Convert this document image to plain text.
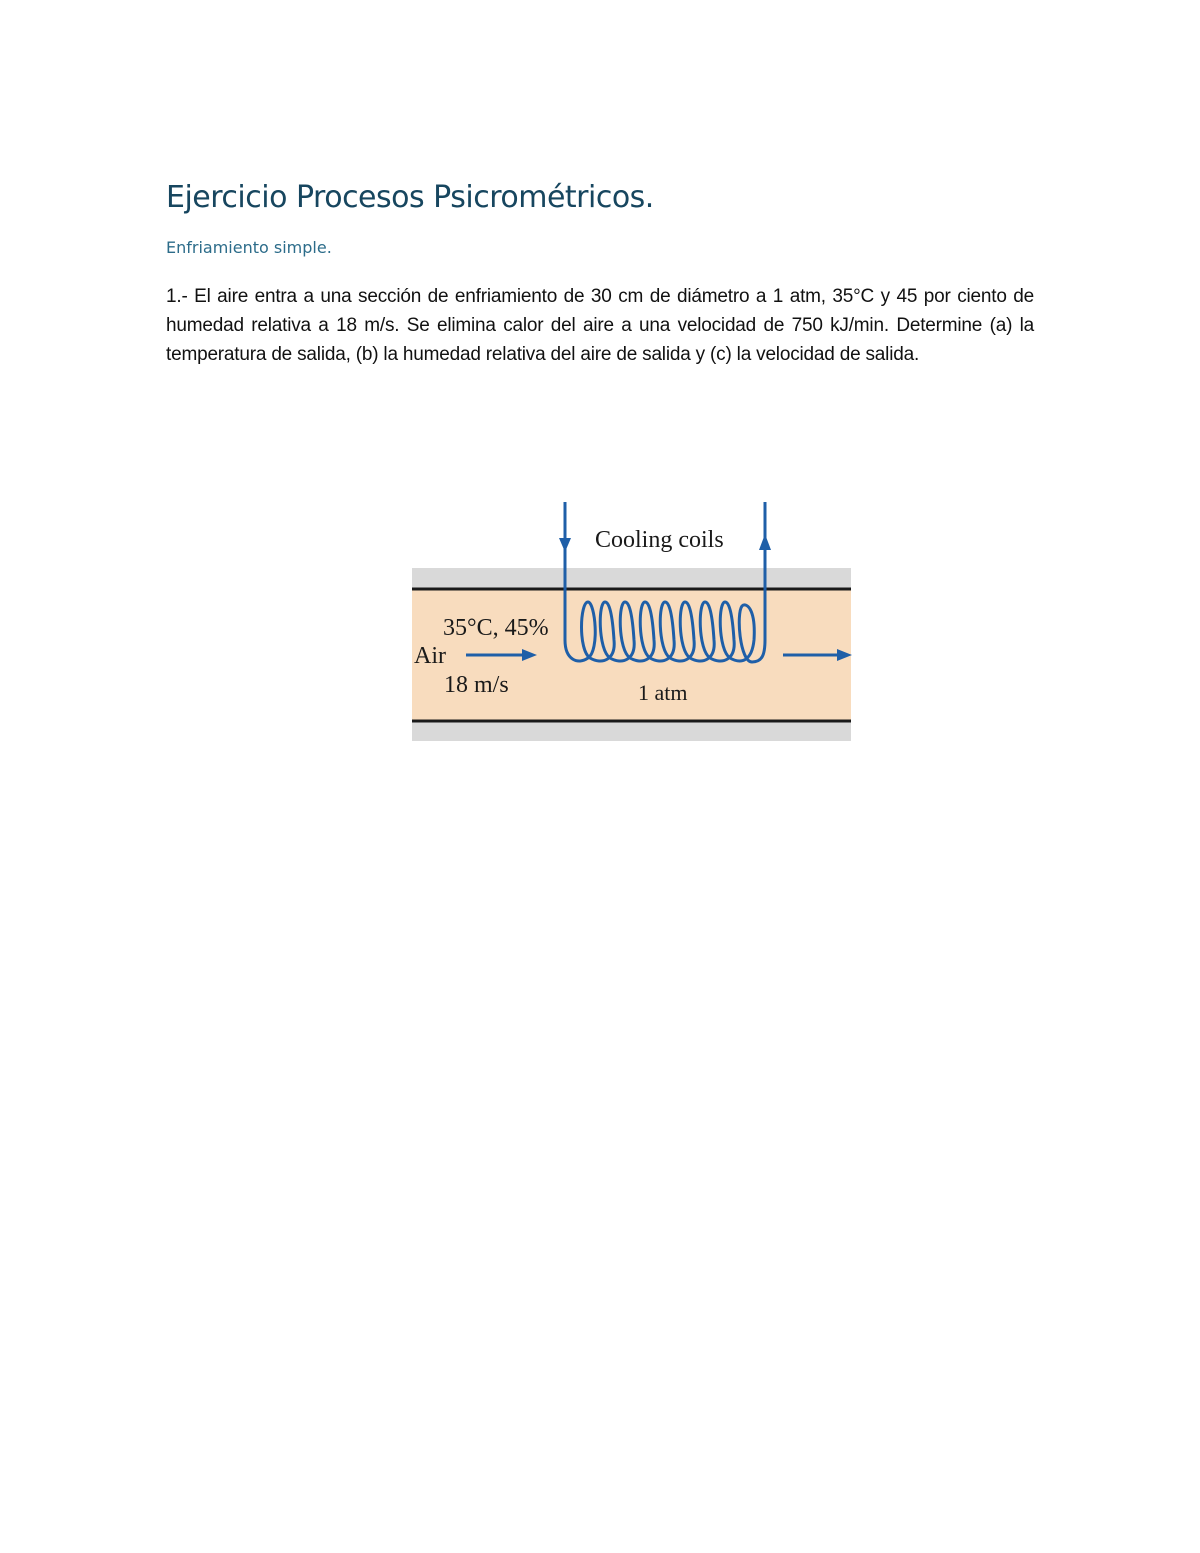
Ejercicio Procesos Psicrométricos.
Enfriamiento simple.

1.- El aire entra a una sección de enfriamiento de 30 cm de diámetro a 1 atm, 35°C y 45 por ciento de humedad relativa a 18 m/s. Se elimina calor del aire a una velocidad de 750 kJ/min. Determine (a) la temperatura de salida, (b) la humedad relativa del aire de salida y (c) la velocidad de salida.

Cooling coils
35°C, 45%
Air
18 m/s	1 atm
